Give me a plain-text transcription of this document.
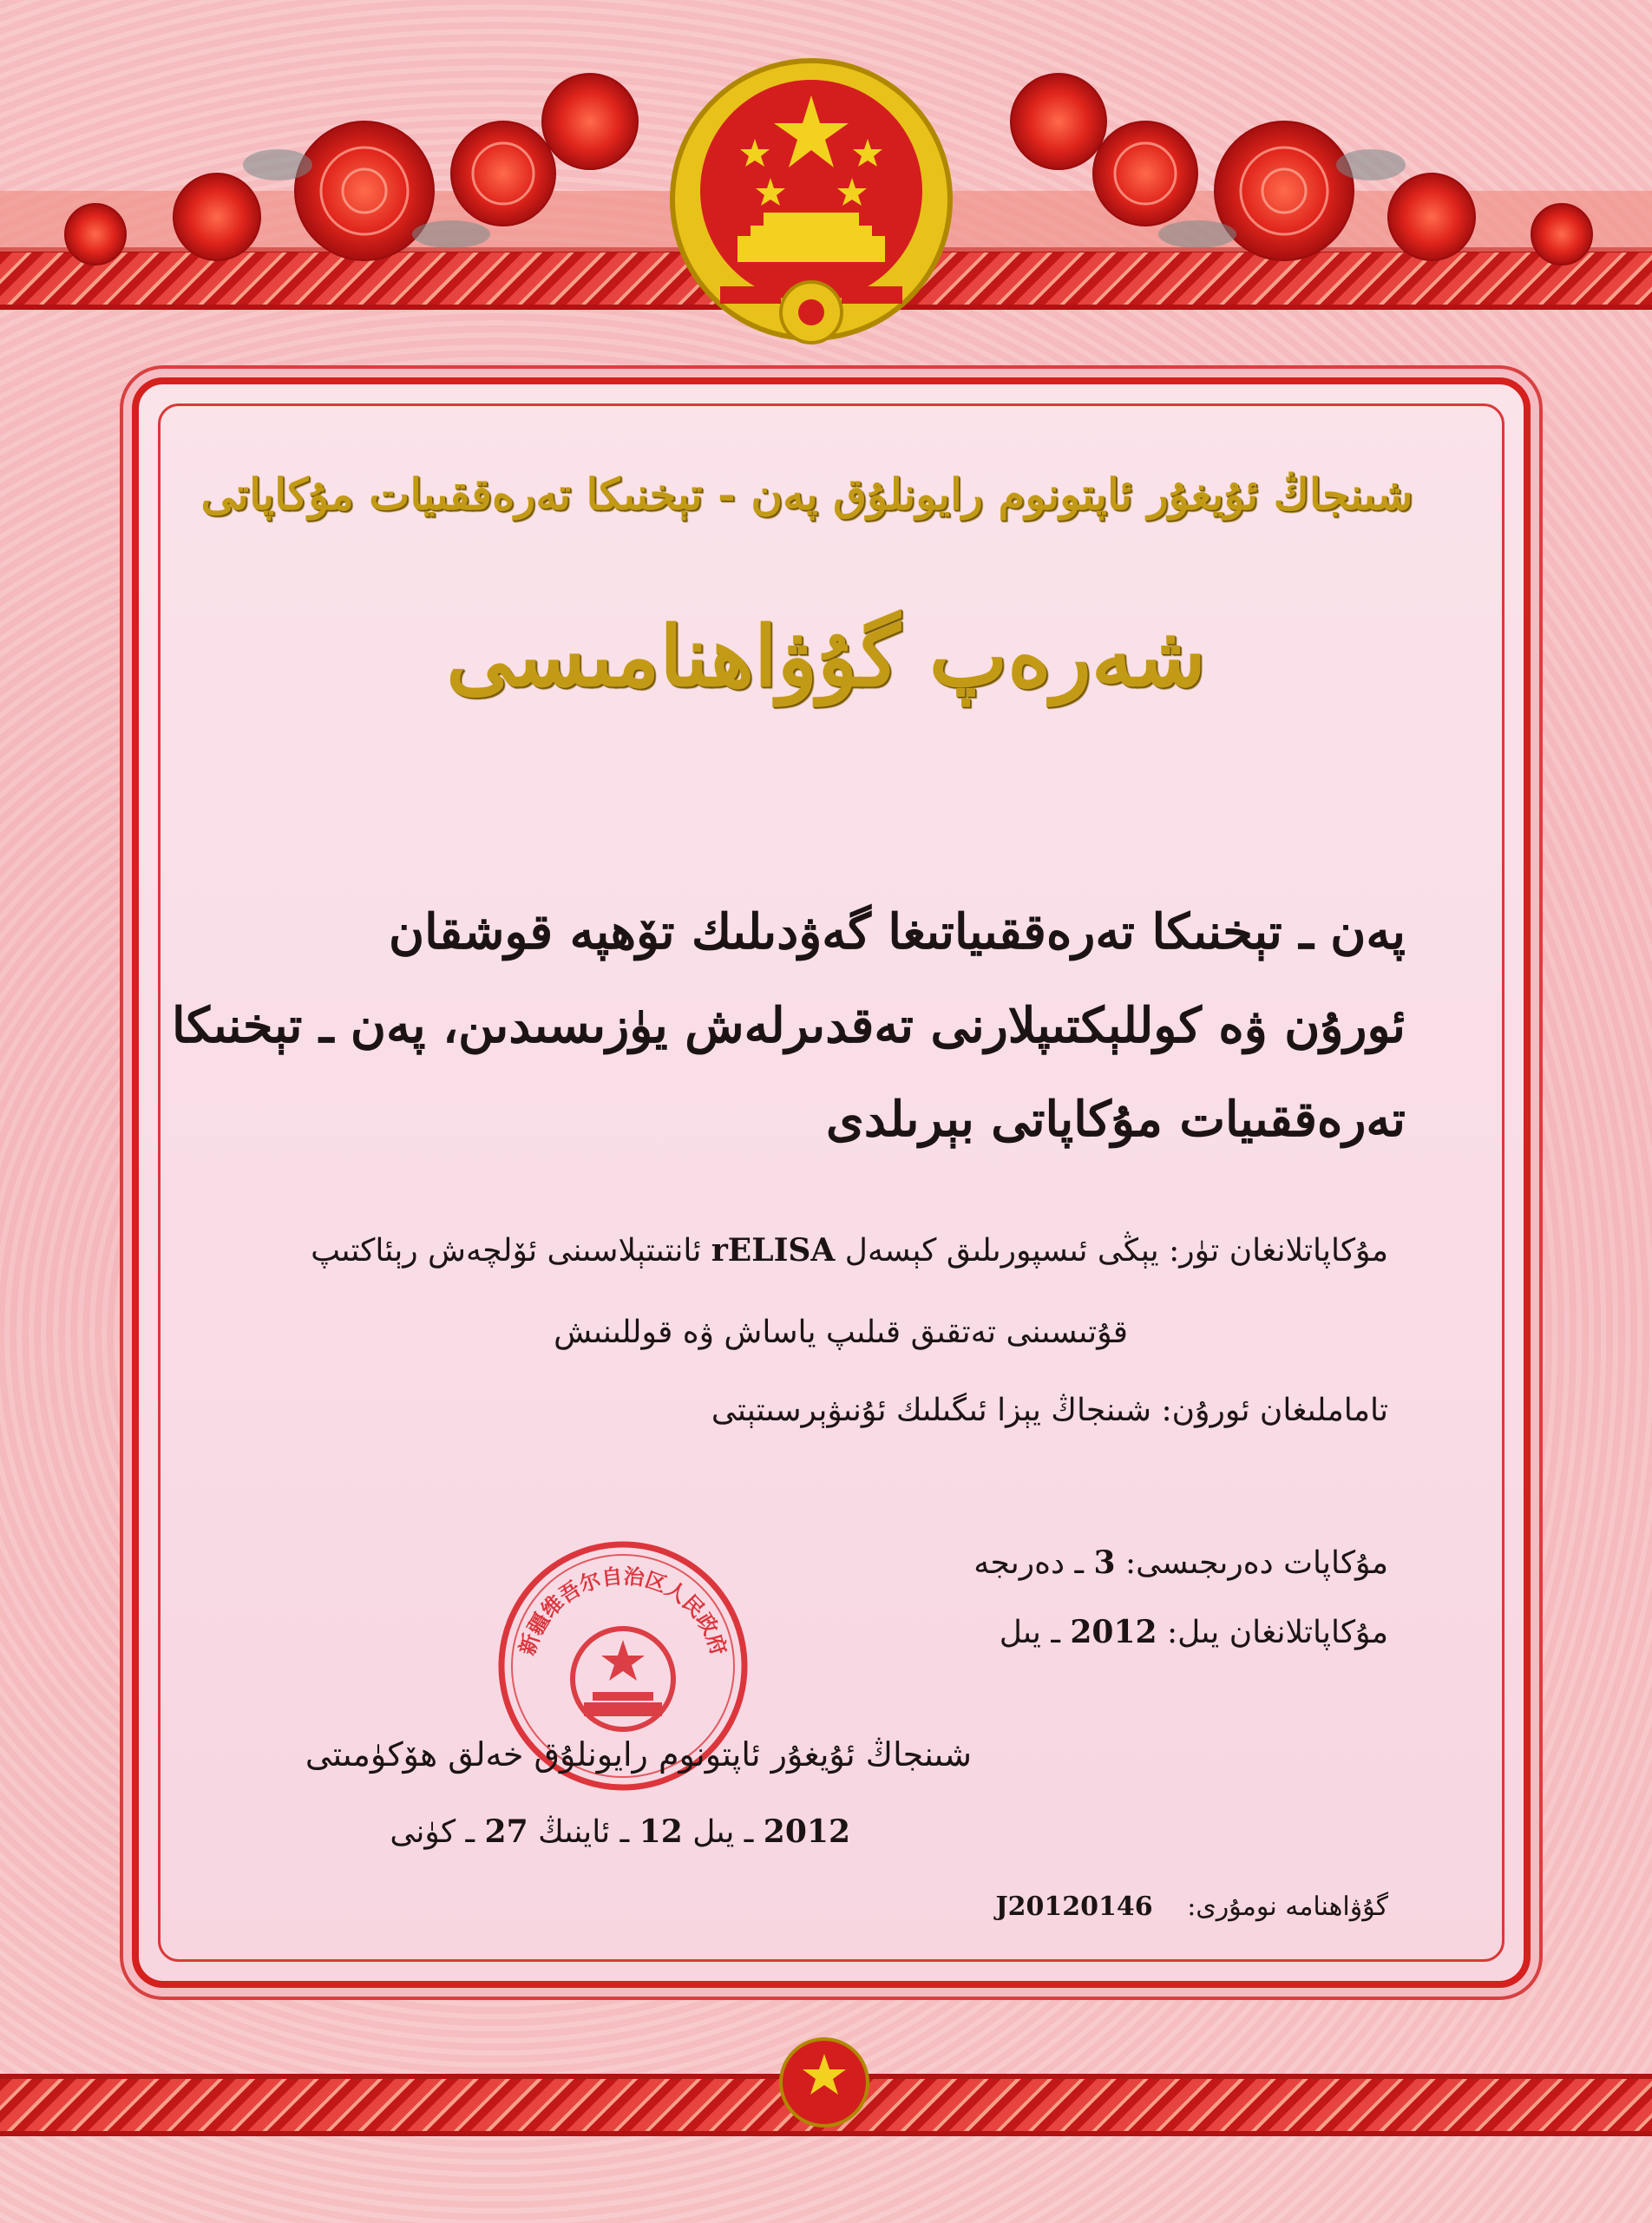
شىنجاڭ ئۇيغۇر ئاپتونوم رايونلۇق پەن - تېخنىكا تەرەققىيات مۇكاپاتى
شەرەپ گۇۋاھنامىسى
پەن ـ تېخنىكا تەرەققىياتىغا گەۋدىلىك تۆھپە قوشقان
ئورۇن ۋە كوللېكتىپلارنى تەقدىرلەش يۈزىسىدىن، پەن ـ تېخنىكا
تەرەققىيات مۇكاپاتى بېرىلدى
مۇكاپاتلانغان تۈر: يېڭى ئىسپورىلىق كېسەل rELISA ئانتىتېلاسىنى ئۆلچەش رېئاكتىپ
قۇتىسىنى تەتقىق قىلىپ ياساش ۋە قوللىنىش
تاماملىغان ئورۇن: شىنجاڭ يېزا ئىگىلىك ئۇنىۋېرسىتېتى
مۇكاپات دەرىجىسى: 3 ـ دەرىجە
مۇكاپاتلانغان يىل: 2012 ـ يىل
新疆维吾尔自治区人民政府
شىنجاڭ ئۇيغۇر ئاپتونوم رايونلۇق خەلق ھۆكۈمىتى
2012 ـ يىل 12 ـ ئاينىڭ 27 ـ كۈنى
گۇۋاھنامە نومۇرى: J20120146
